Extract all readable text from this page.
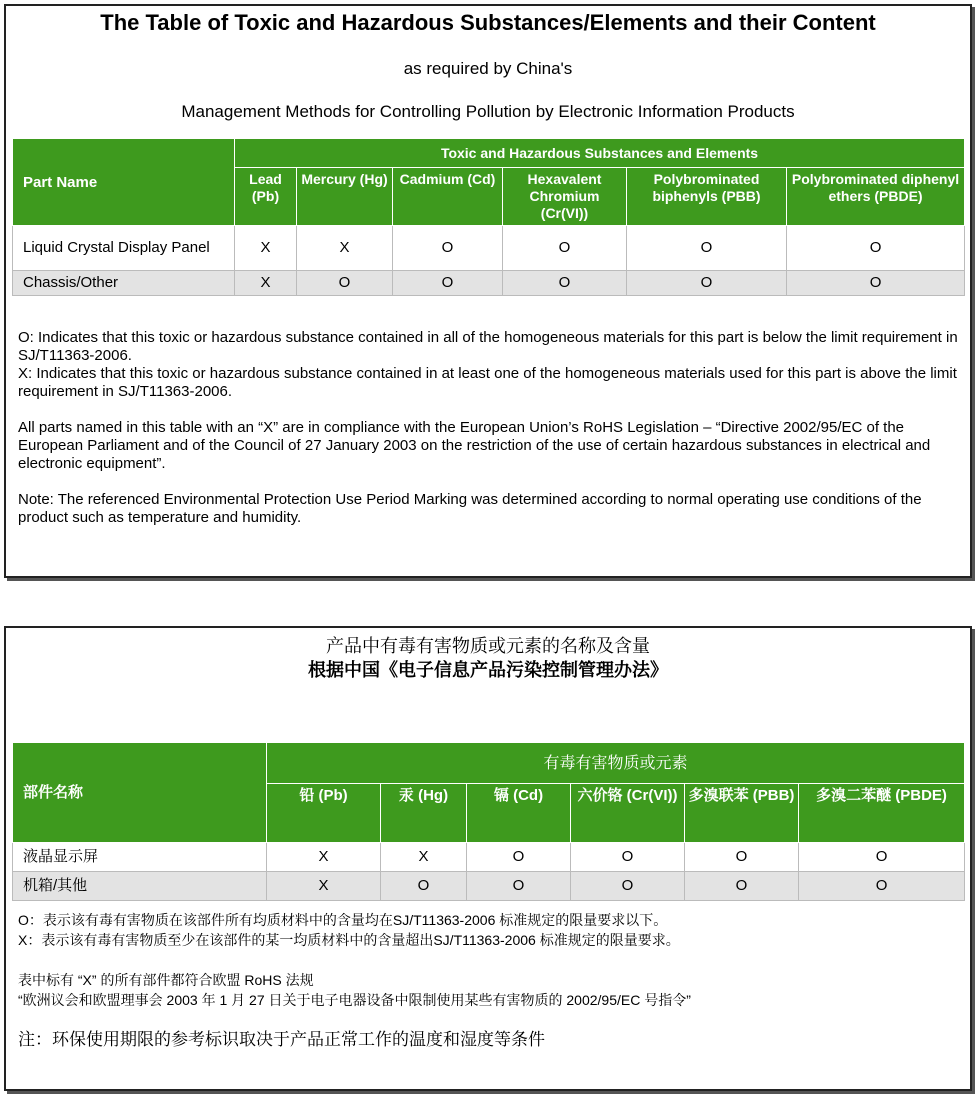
The Table of Toxic and Hazardous Substances/Elements and their Content
as required by China's
Management Methods for Controlling Pollution by Electronic Information Products
Part Name	Toxic and Hazardous Substances and Elements					
	Lead (Pb)	Mercury (Hg)	Cadmium (Cd)	Hexavalent Chromium (Cr(VI))	Polybrominated biphenyls (PBB)	Polybrominated diphenyl ethers (PBDE)
Liquid Crystal Display Panel	X	X	O	O	O	O
Chassis/Other	X	O	O	O	O	O

O: Indicates that this toxic or hazardous substance contained in all of the homogeneous materials for this part is below the limit requirement in SJ/T11363-2006.

X: Indicates that this toxic or hazardous substance contained in at least one of the homogeneous materials used for this part is above the limit requirement in SJ/T11363-2006.

All parts named in this table with an “X” are in compliance with the European Union’s RoHS Legislation – “Directive 2002/95/EC of the European Parliament and of the Council of 27 January 2003 on the restriction of the use of certain hazardous substances in electrical and electronic equipment”.

Note: The referenced Environmental Protection Use Period Marking was determined according to normal operating use conditions of the product such as temperature and humidity.

产品中有毒有害物质或元素的名称及含量
根据中国《电子信息产品污染控制管理办法》
部件名称	有毒有害物质或元素					
	铅 (Pb)	汞 (Hg)	镉 (Cd)	六价铬 (Cr(VI))	多溴联苯 (PBB)	多溴二苯醚 (PBDE)
液晶显示屏	X	X	O	O	O	O
机箱/其他	X	O	O	O	O	O

O：表示该有毒有害物质在该部件所有均质材料中的含量均在SJ/T11363-2006 标准规定的限量要求以下。

X：表示该有毒有害物质至少在该部件的某一均质材料中的含量超出SJ/T11363-2006 标准规定的限量要求。

表中标有 “X” 的所有部件都符合欧盟 RoHS 法规

“欧洲议会和欧盟理事会 2003 年 1 月 27 日关于电子电器设备中限制使用某些有害物质的 2002/95/EC 号指令”

注：环保使用期限的参考标识取决于产品正常工作的温度和湿度等条件
